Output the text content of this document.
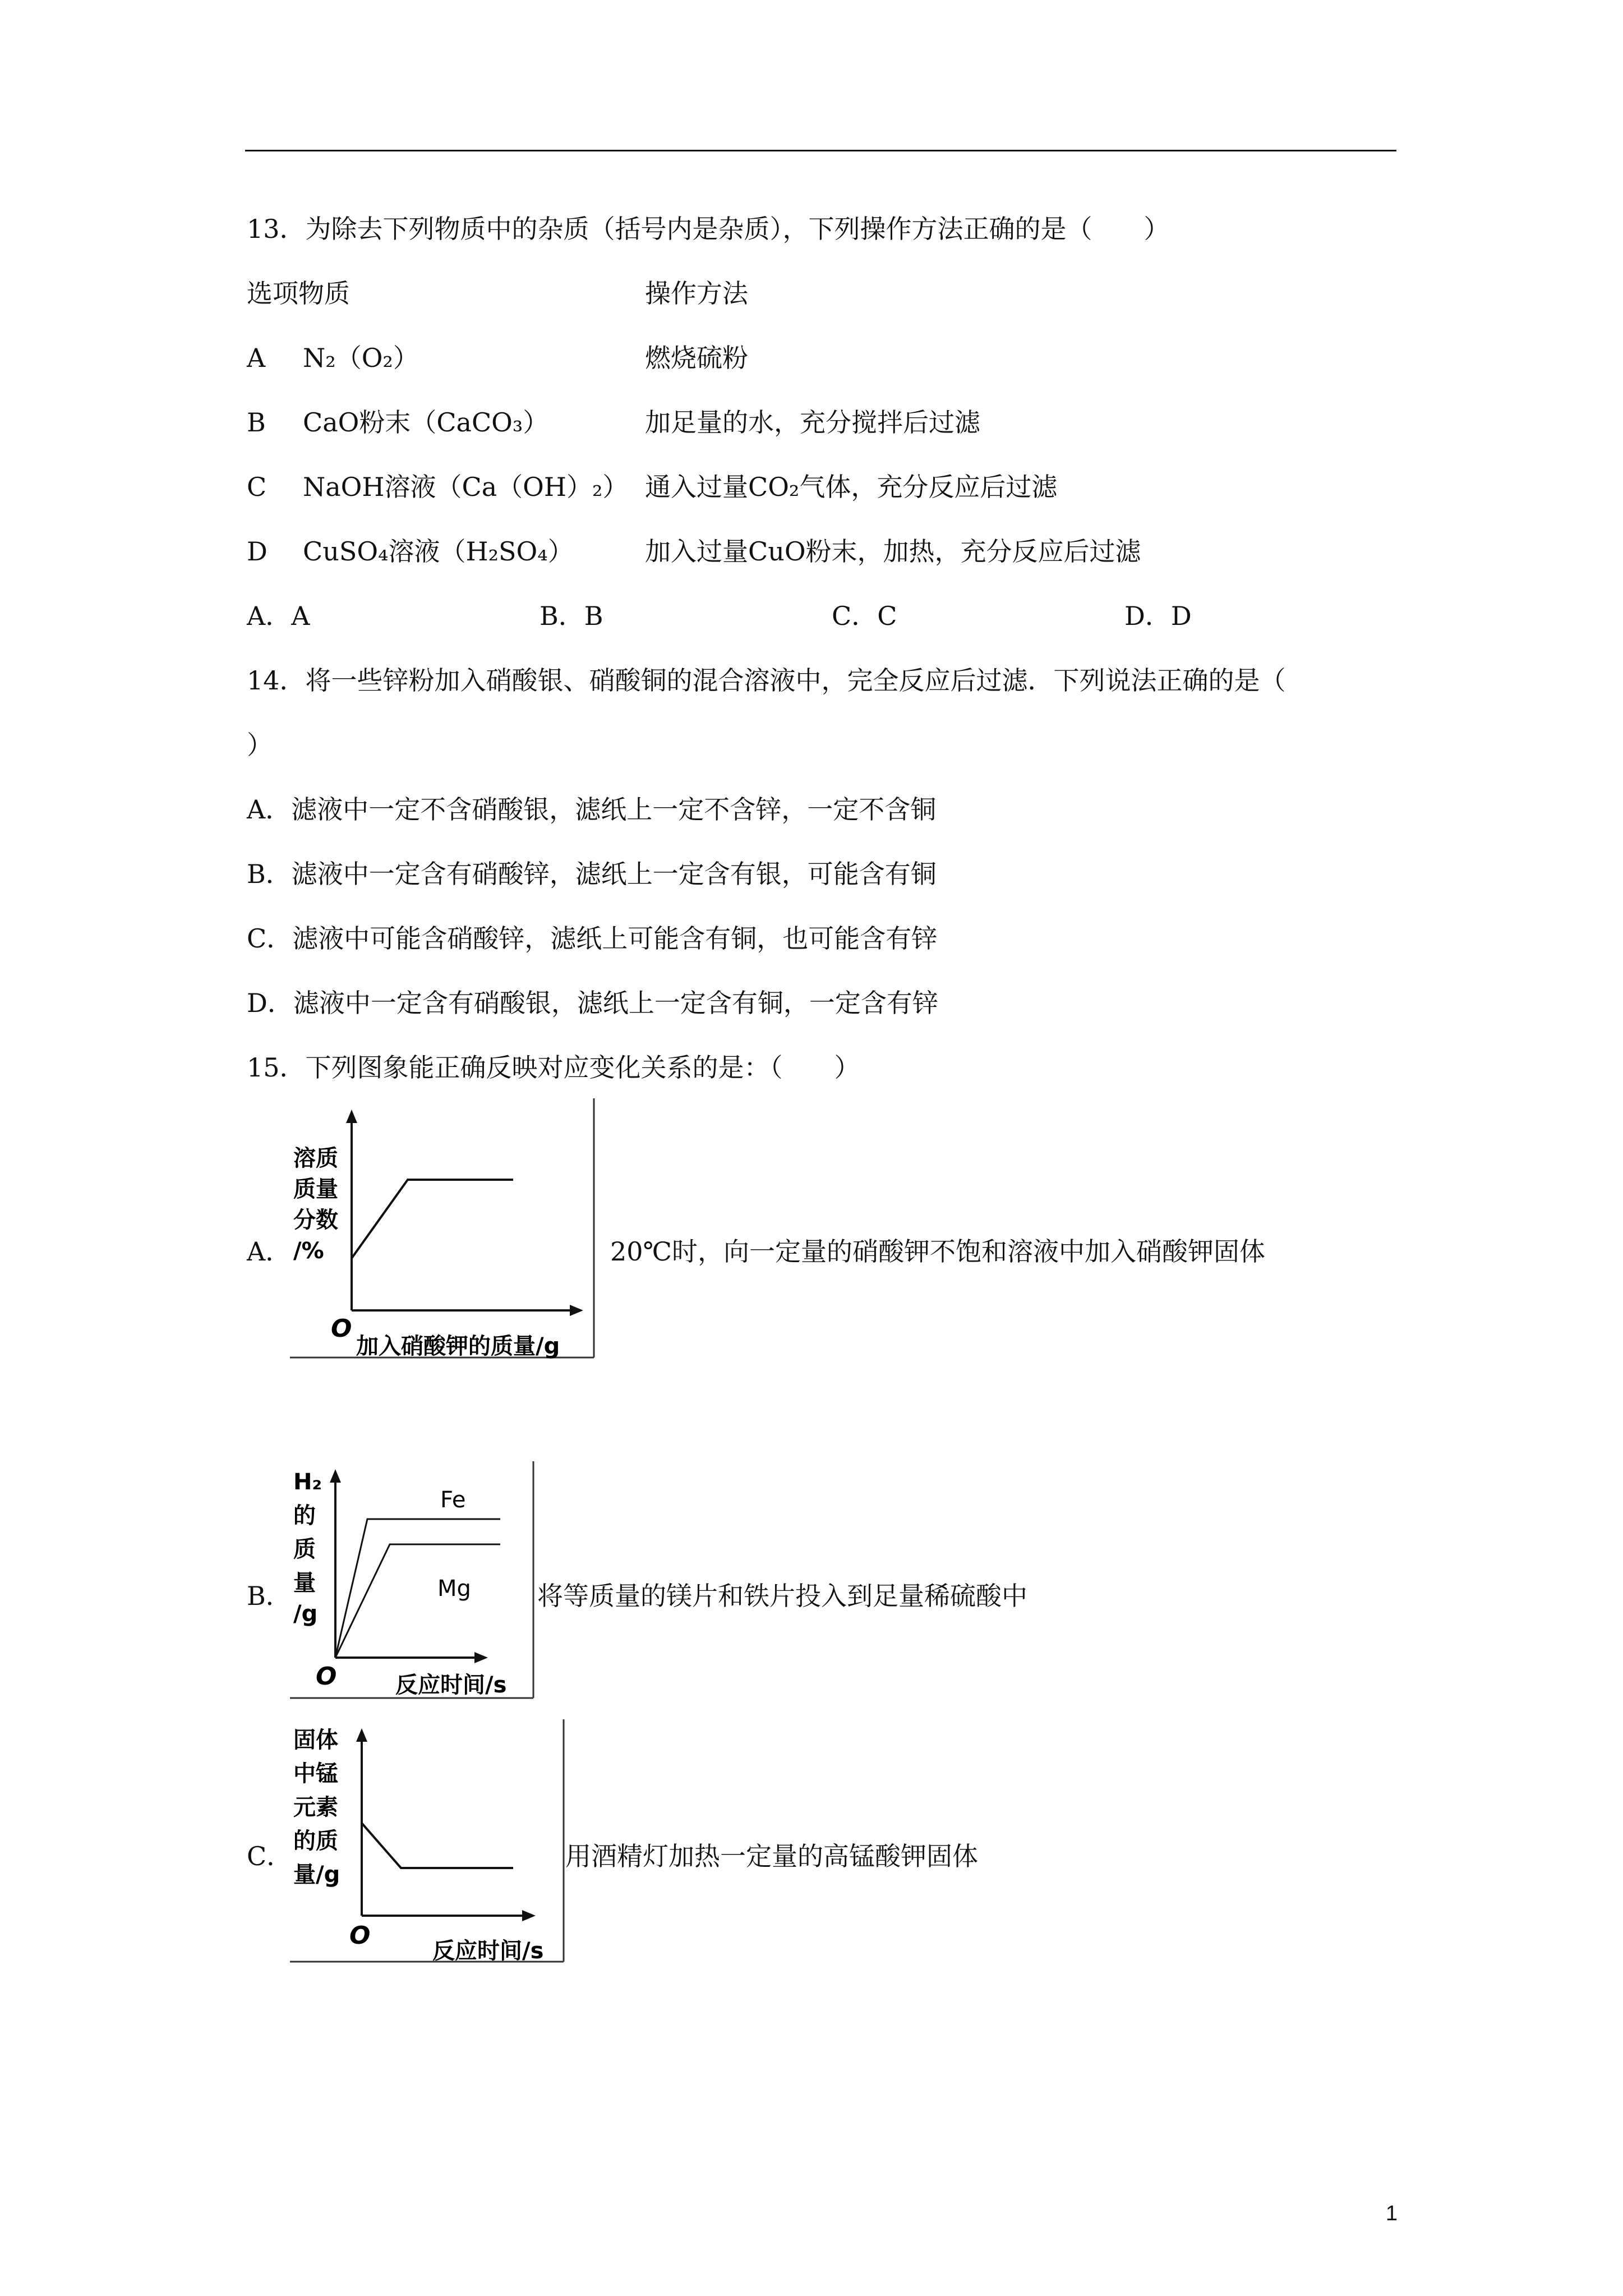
13．为除去下列物质中的杂质（括号内是杂质），下列操作方法正确的是（　　）
选项物质	操作方法
A N₂（O₂）	燃烧硫粉
B CaO粉末（CaCO₃）	加足量的水，充分搅拌后过滤
C NaOH溶液（Ca（OH）₂） 通入过量CO₂气体，充分反应后过滤
D CuSO₄溶液（H₂SO₄）	加入过量CuO粉末，加热，充分反应后过滤
A．A	B．B	C．C	D．D
14．将一些锌粉加入硝酸银、硝酸铜的混合溶液中，完全反应后过滤．下列说法正确的是（
）
A．滤液中一定不含硝酸银，滤纸上一定不含锌，一定不含铜
B．滤液中一定含有硝酸锌，滤纸上一定含有银，可能含有铜
C．滤液中可能含硝酸锌，滤纸上可能含有铜，也可能含有锌
D．滤液中一定含有硝酸银，滤纸上一定含有铜，一定含有锌
15．下列图象能正确反映对应变化关系的是：（　　）
A．
溶质
质量
分数
/%
O
加入硝酸钾的质量/g
20℃时，向一定量的硝酸钾不饱和溶液中加入硝酸钾固体
B．
Fe
Mg
H₂
的
质
量
/g
O	反应时间/s
将等质量的镁片和铁片投入到足量稀硫酸中
C．
固体
中锰
元素
的质
量/g
O
反应时间/s
用酒精灯加热一定量的高锰酸钾固体
1
